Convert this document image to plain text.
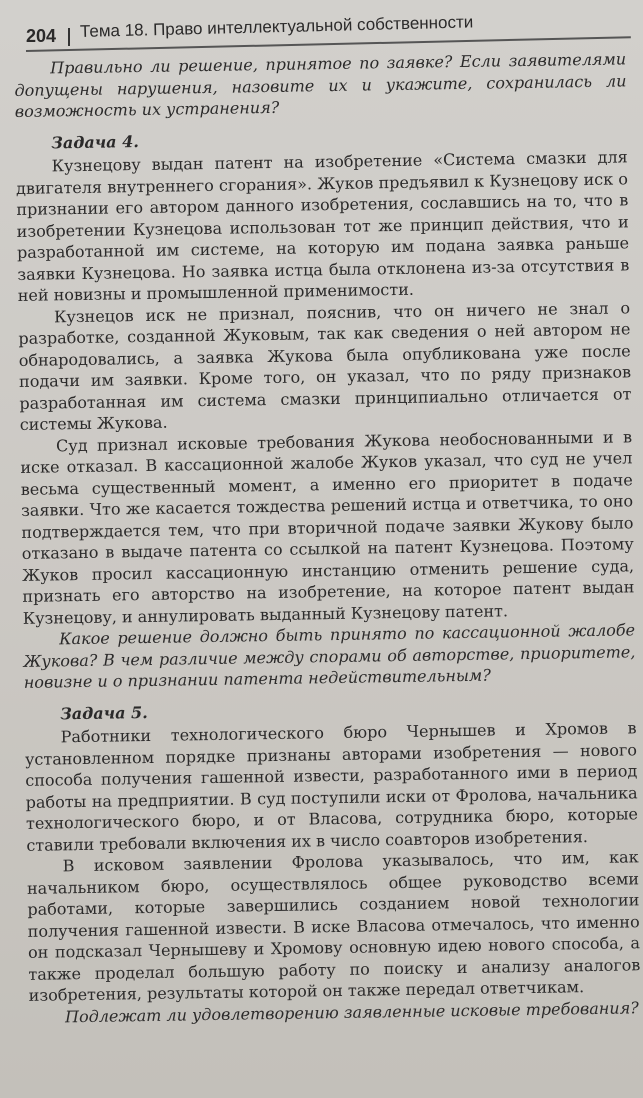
204 Тема 18. Право интеллектуальной собственности

Правильно ли решение, принятое по заявке? Если заявителями допущены нарушения, назовите их и укажите, сохранилась ли возможность их устранения?

Задача 4.

Кузнецову выдан патент на изобретение «Система смазки для двигателя внутреннего сгорания». Жуков предъявил к Кузнецову иск о признании его автором данного изобретения, сославшись на то, что в изобретении Кузнецова использован тот же принцип действия, что и разработанной им системе, на которую им подана заявка раньше заявки Кузнецова. Но заявка истца была отклонена из-за отсутствия в ней новизны и промышленной применимости.

Кузнецов иск не признал, пояснив, что он ничего не знал о разработке, созданной Жуковым, так как сведения о ней автором не обнародовались, а заявка Жукова была опубликована уже после подачи им заявки. Кроме того, он указал, что по ряду признаков разработанная им система смазки принципиально отличается от системы Жукова.

Суд признал исковые требования Жукова необоснованными и в иске отказал. В кассационной жалобе Жуков указал, что суд не учел весьма существенный момент, а именно его приоритет в подаче заявки. Что же касается тождества решений истца и ответчика, то оно подтверждается тем, что при вторичной подаче заявки Жукову было отказано в выдаче патента со ссылкой на патент Кузнецова. Поэтому Жуков просил кассационную инстанцию отменить решение суда, признать его авторство на изобретение, на которое патент выдан Кузнецову, и аннулировать выданный Кузнецову патент.

Какое решение должно быть принято по кассационной жалобе Жукова? В чем различие между спорами об авторстве, приоритете, новизне и о признании патента недействительным?

Задача 5.

Работники технологического бюро Чернышев и Хромов в установленном порядке признаны авторами изобретения — нового способа получения гашенной извести, разработанного ими в период работы на предприятии. В суд поступили иски от Фролова, начальника технологического бюро, и от Власова, сотрудника бюро, которые ставили требовали включения их в число соавторов изобретения.

В исковом заявлении Фролова указывалось, что им, как начальником бюро, осуществлялось общее руководство всеми работами, которые завершились созданием новой технологии получения гашенной извести. В иске Власова отмечалось, что именно он подсказал Чернышеву и Хромову основную идею нового способа, а также проделал большую работу по поиску и анализу аналогов изобретения, результаты которой он также передал ответчикам.

Подлежат ли удовлетворению заявленные исковые требования?
